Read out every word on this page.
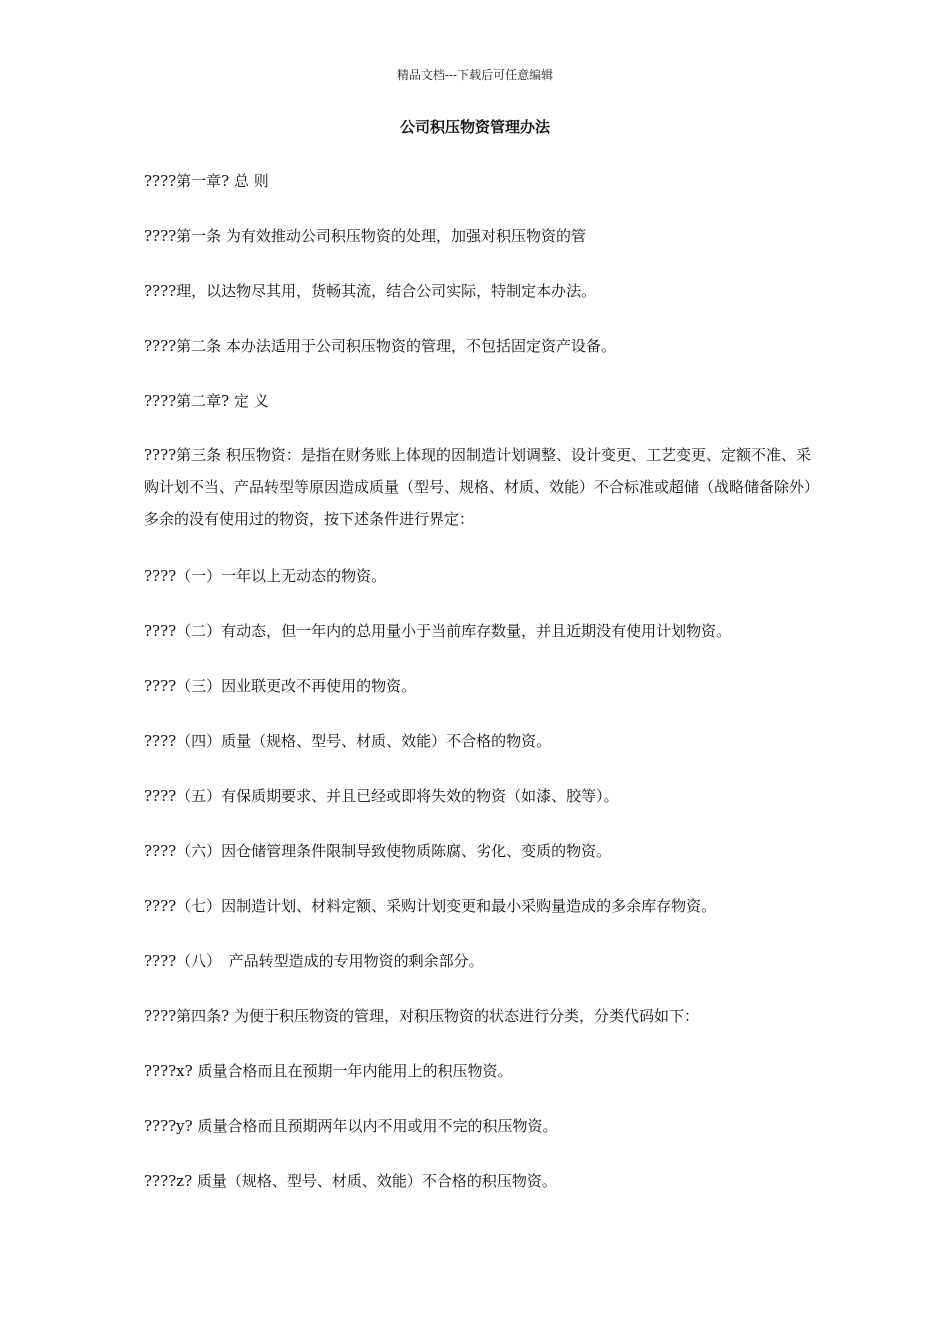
精品文档---下载后可任意编辑
公司积压物资管理办法
????第一章? 总 则
????第一条 为有效推动公司积压物资的处理，加强对积压物资的管
????理，以达物尽其用，货畅其流，结合公司实际，特制定本办法。
????第二条 本办法适用于公司积压物资的管理，不包括固定资产设备。
????第二章? 定 义
????第三条 积压物资：是指在财务账上体现的因制造计划调整、设计变更、工艺变更、定额不准、采购计划不当、产品转型等原因造成质量（型号、规格、材质、效能）不合标准或超储（战略储备除外）多余的没有使用过的物资，按下述条件进行界定：
????（一）一年以上无动态的物资。
????（二）有动态，但一年内的总用量小于当前库存数量，并且近期没有使用计划物资。
????（三）因业联更改不再使用的物资。
????（四）质量（规格、型号、材质、效能）不合格的物资。
????（五）有保质期要求、并且已经或即将失效的物资（如漆、胶等）。
????（六）因仓储管理条件限制导致使物质陈腐、劣化、变质的物资。
????（七）因制造计划、材料定额、采购计划变更和最小采购量造成的多余库存物资。
????（八）　产品转型造成的专用物资的剩余部分。
????第四条? 为便于积压物资的管理，对积压物资的状态进行分类，分类代码如下：
????x? 质量合格而且在预期一年内能用上的积压物资。
????y? 质量合格而且预期两年以内不用或用不完的积压物资。
????z? 质量（规格、型号、材质、效能）不合格的积压物资。
